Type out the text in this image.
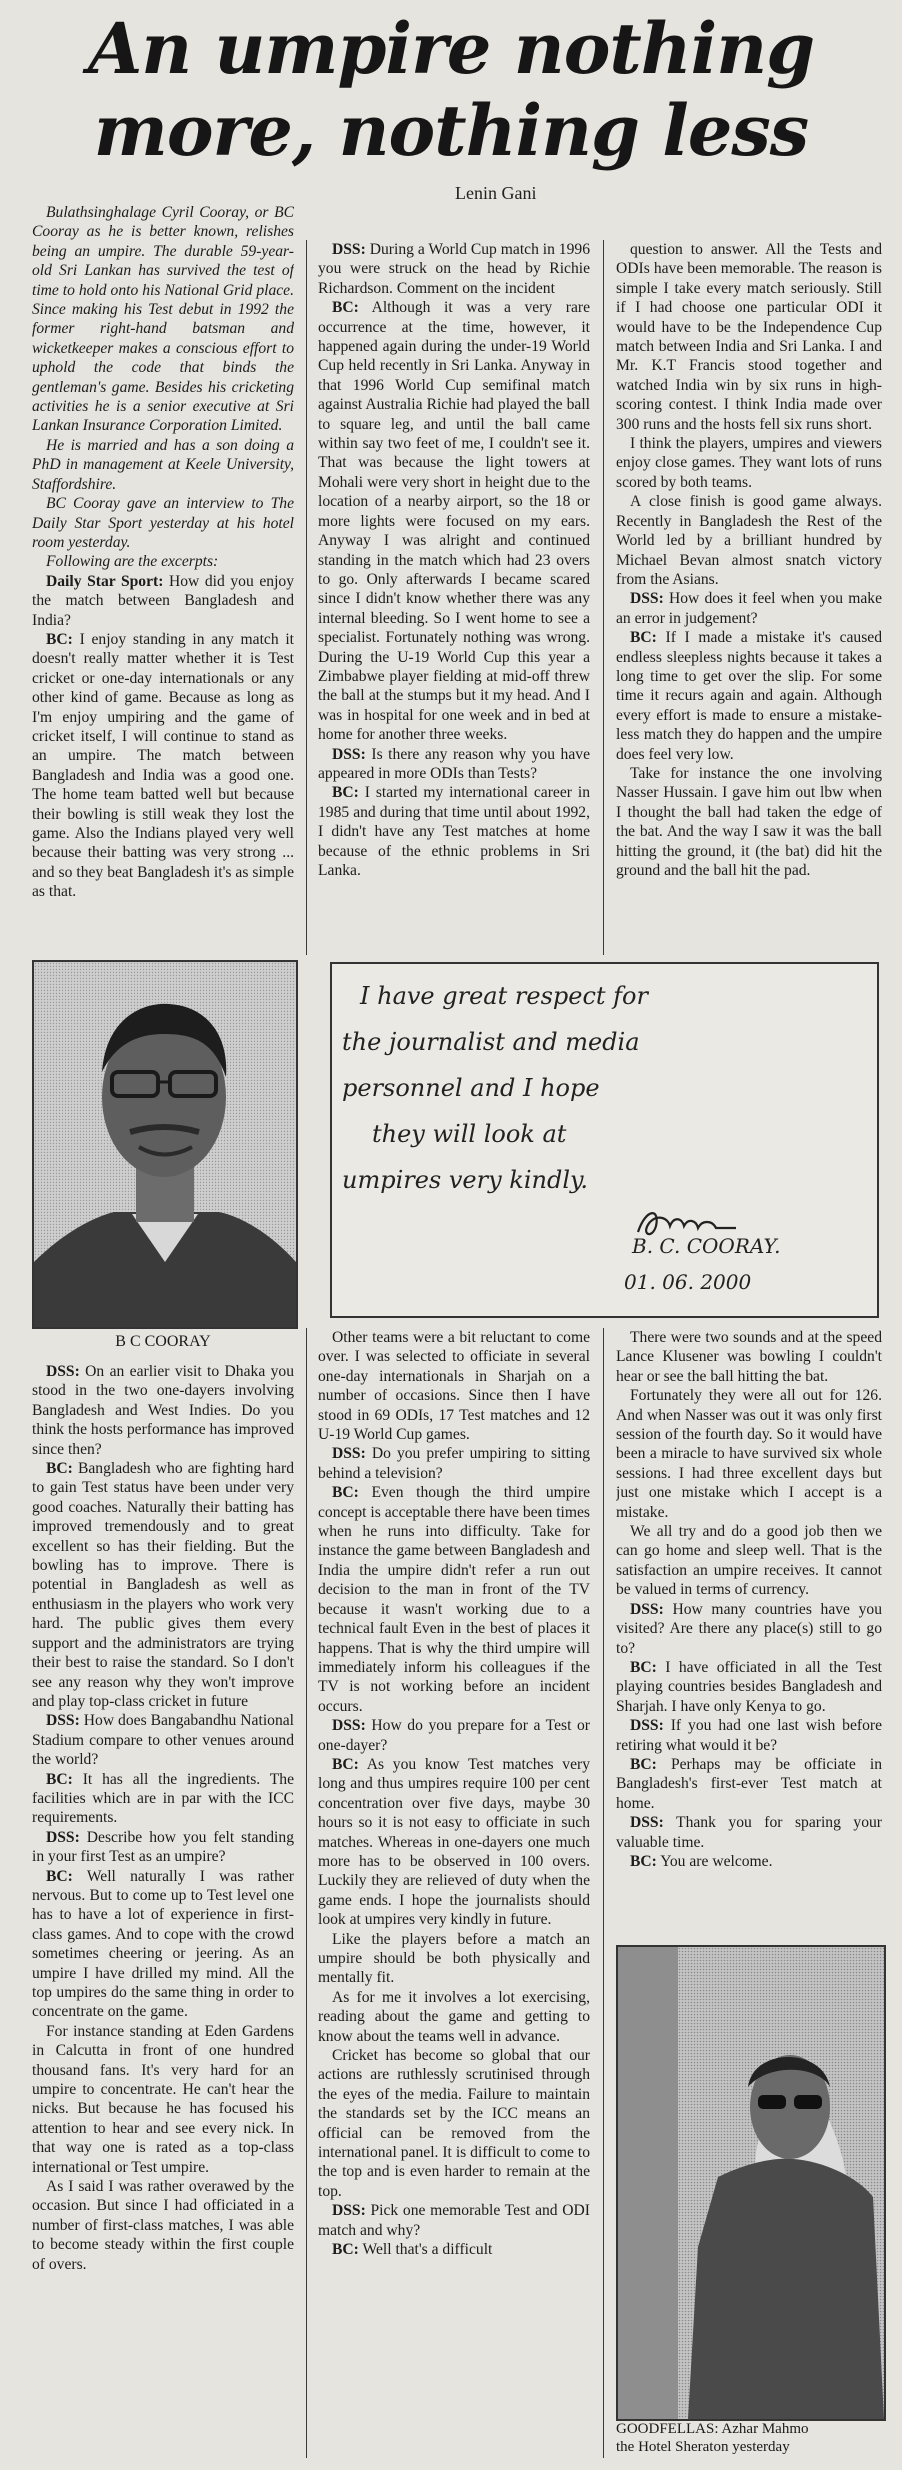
An umpire nothing
more, nothing less
Lenin Gani

Bulathsinghalage Cyril Cooray, or BC Cooray as he is better known, relishes being an umpire. The durable 59-year-old Sri Lankan has survived the test of time to hold onto his National Grid place. Since making his Test debut in 1992 the former right-hand batsman and wicketkeeper makes a conscious effort to uphold the code that binds the gentleman's game. Besides his cricketing activities he is a senior executive at Sri Lankan Insurance Corporation Limited.

He is married and has a son doing a PhD in management at Keele University, Staffordshire.

BC Cooray gave an interview to The Daily Star Sport yesterday at his hotel room yesterday.

Following are the excerpts:

Daily Star Sport: How did you enjoy the match between Bangladesh and India?

BC: I enjoy standing in any match it doesn't really matter whether it is Test cricket or one-day internationals or any other kind of game. Because as long as I'm enjoy umpiring and the game of cricket itself, I will continue to stand as an umpire. The match between Bangladesh and India was a good one. The home team batted well but because their bowling is still weak they lost the game. Also the Indians played very well because their batting was very strong ... and so they beat Bangladesh it's as simple as that.

DSS: During a World Cup match in 1996 you were struck on the head by Richie Richardson. Comment on the incident

BC: Although it was a very rare occurrence at the time, however, it happened again during the under-19 World Cup held recently in Sri Lanka. Anyway in that 1996 World Cup semifinal match against Australia Richie had played the ball to square leg, and until the ball came within say two feet of me, I couldn't see it. That was because the light towers at Mohali were very short in height due to the location of a nearby airport, so the 18 or more lights were focused on my ears. Anyway I was alright and continued standing in the match which had 23 overs to go. Only afterwards I became scared since I didn't know whether there was any internal bleeding. So I went home to see a specialist. Fortunately nothing was wrong. During the U-19 World Cup this year a Zimbabwe player fielding at mid-off threw the ball at the stumps but it my head. And I was in hospital for one week and in bed at home for another three weeks.

DSS: Is there any reason why you have appeared in more ODIs than Tests?

BC: I started my international career in 1985 and during that time until about 1992, I didn't have any Test matches at home because of the ethnic problems in Sri Lanka.

question to answer. All the Tests and ODIs have been memorable. The reason is simple I take every match seriously. Still if I had choose one particular ODI it would have to be the Independence Cup match between India and Sri Lanka. I and Mr. K.T Francis stood together and watched India win by six runs in high-scoring contest. I think India made over 300 runs and the hosts fell six runs short.

I think the players, umpires and viewers enjoy close games. They want lots of runs scored by both teams.

A close finish is good game always. Recently in Bangladesh the Rest of the World led by a brilliant hundred by Michael Bevan almost snatch victory from the Asians.

DSS: How does it feel when you make an error in judgement?

BC: If I made a mistake it's caused endless sleepless nights because it takes a long time to get over the slip. For some time it recurs again and again. Although every effort is made to ensure a mistake-less match they do happen and the umpire does feel very low.

Take for instance the one involving Nasser Hussain. I gave him out lbw when I thought the ball had taken the edge of the bat. And the way I saw it was the ball hitting the ground, it (the bat) did hit the ground and the ball hit the pad.

B C COORAY
I have great respect for
the journalist and media
personnel and I hope
they will look at
umpires very kindly.
B. C. COORAY.
01. 06. 2000

DSS: On an earlier visit to Dhaka you stood in the two one-dayers involving Bangladesh and West Indies. Do you think the hosts performance has improved since then?

BC: Bangladesh who are fighting hard to gain Test status have been under very good coaches. Naturally their batting has improved tremendously and to great excellent so has their fielding. But the bowling has to improve. There is potential in Bangladesh as well as enthusiasm in the players who work very hard. The public gives them every support and the administrators are trying their best to raise the standard. So I don't see any reason why they won't improve and play top-class cricket in future

DSS: How does Bangabandhu National Stadium compare to other venues around the world?

BC: It has all the ingredients. The facilities which are in par with the ICC requirements.

DSS: Describe how you felt standing in your first Test as an umpire?

BC: Well naturally I was rather nervous. But to come up to Test level one has to have a lot of experience in first-class games. And to cope with the crowd sometimes cheering or jeering. As an umpire I have drilled my mind. All the top umpires do the same thing in order to concentrate on the game.

For instance standing at Eden Gardens in Calcutta in front of one hundred thousand fans. It's very hard for an umpire to concentrate. He can't hear the nicks. But because he has focused his attention to hear and see every nick. In that way one is rated as a top-class international or Test umpire.

As I said I was rather overawed by the occasion. But since I had officiated in a number of first-class matches, I was able to become steady within the first couple of overs.

Other teams were a bit reluctant to come over. I was selected to officiate in several one-day internationals in Sharjah on a number of occasions. Since then I have stood in 69 ODIs, 17 Test matches and 12 U-19 World Cup games.

DSS: Do you prefer umpiring to sitting behind a television?

BC: Even though the third umpire concept is acceptable there have been times when he runs into difficulty. Take for instance the game between Bangladesh and India the umpire didn't refer a run out decision to the man in front of the TV because it wasn't working due to a technical fault Even in the best of places it happens. That is why the third umpire will immediately inform his colleagues if the TV is not working before an incident occurs.

DSS: How do you prepare for a Test or one-dayer?

BC: As you know Test matches very long and thus umpires require 100 per cent concentration over five days, maybe 30 hours so it is not easy to officiate in such matches. Whereas in one-dayers one much more has to be observed in 100 overs. Luckily they are relieved of duty when the game ends. I hope the journalists should look at umpires very kindly in future.

Like the players before a match an umpire should be both physically and mentally fit.

As for me it involves a lot exercising, reading about the game and getting to know about the teams well in advance.

Cricket has become so global that our actions are ruthlessly scrutinised through the eyes of the media. Failure to maintain the standards set by the ICC means an official can be removed from the international panel. It is difficult to come to the top and is even harder to remain at the top.

DSS: Pick one memorable Test and ODI match and why?

BC: Well that's a difficult

There were two sounds and at the speed Lance Klusener was bowling I couldn't hear or see the ball hitting the bat.

Fortunately they were all out for 126. And when Nasser was out it was only first session of the fourth day. So it would have been a miracle to have survived six whole sessions. I had three excellent days but just one mistake which I accept is a mistake.

We all try and do a good job then we can go home and sleep well. That is the satisfaction an umpire receives. It cannot be valued in terms of currency.

DSS: How many countries have you visited? Are there any place(s) still to go to?

BC: I have officiated in all the Test playing countries besides Bangladesh and Sharjah. I have only Kenya to go.

DSS: If you had one last wish before retiring what would it be?

BC: Perhaps may be officiate in Bangladesh's first-ever Test match at home.

DSS: Thank you for sparing your valuable time.

BC: You are welcome.

GOODFELLAS: Azhar Mahmo
the Hotel Sheraton yesterday
